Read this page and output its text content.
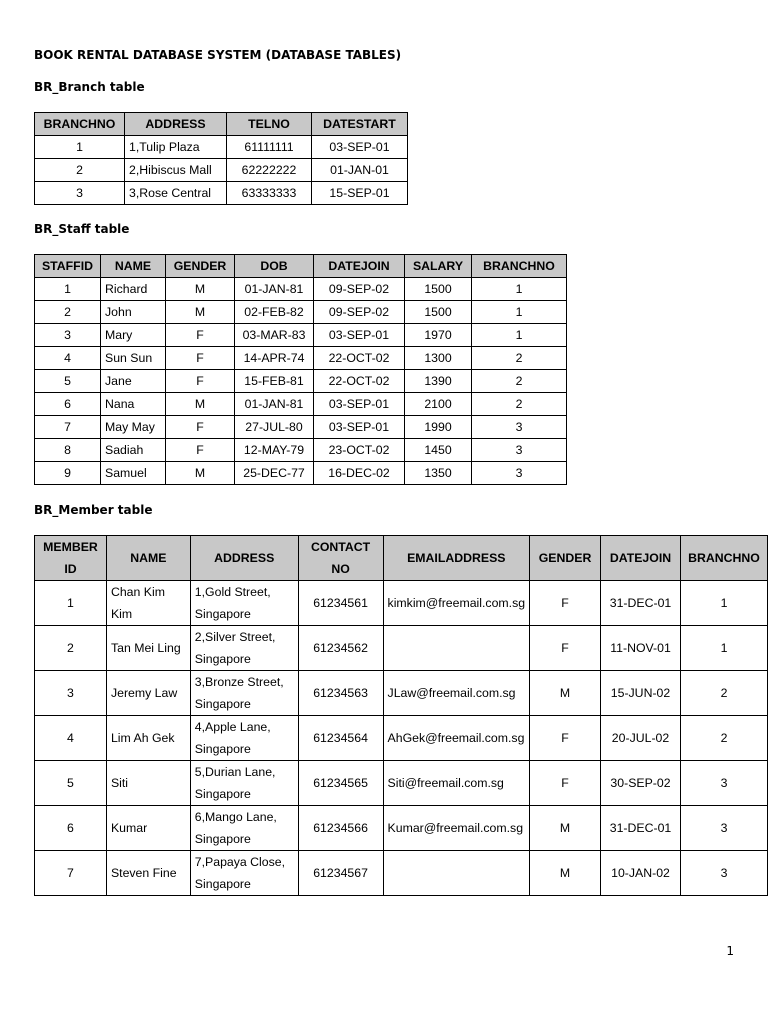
BOOK RENTAL DATABASE SYSTEM (DATABASE TABLES)

BR_Branch table

BRANCHNO	ADDRESS	TELNO	DATESTART
1	1,Tulip Plaza	61111111	03-SEP-01
2	2,Hibiscus Mall	62222222	01-JAN-01
3	3,Rose Central	63333333	15-SEP-01

BR_Staff table

STAFFID	NAME	GENDER	DOB	DATEJOIN	SALARY	BRANCHNO
1	Richard	M	01-JAN-81	09-SEP-02	1500	1
2	John	M	02-FEB-82	09-SEP-02	1500	1
3	Mary	F	03-MAR-83	03-SEP-01	1970	1
4	Sun Sun	F	14-APR-74	22-OCT-02	1300	2
5	Jane	F	15-FEB-81	22-OCT-02	1390	2
6	Nana	M	01-JAN-81	03-SEP-01	2100	2
7	May May	F	27-JUL-80	03-SEP-01	1990	3
8	Sadiah	F	12-MAY-79	23-OCT-02	1450	3
9	Samuel	M	25-DEC-77	16-DEC-02	1350	3

BR_Member table

MEMBER ID	NAME	ADDRESS	CONTACT NO	EMAILADDRESS	GENDER	DATEJOIN	BRANCHNO
1	Chan Kim Kim	1,Gold Street, Singapore	61234561	kimkim@freemail.com.sg	F	31-DEC-01	1
2	Tan Mei Ling	2,Silver Street, Singapore	61234562		F	11-NOV-01	1
3	Jeremy Law	3,Bronze Street, Singapore	61234563	JLaw@freemail.com.sg	M	15-JUN-02	2
4	Lim Ah Gek	4,Apple Lane, Singapore	61234564	AhGek@freemail.com.sg	F	20-JUL-02	2
5	Siti	5,Durian Lane, Singapore	61234565	Siti@freemail.com.sg	F	30-SEP-02	3
6	Kumar	6,Mango Lane, Singapore	61234566	Kumar@freemail.com.sg	M	31-DEC-01	3
7	Steven Fine	7,Papaya Close, Singapore	61234567		M	10-JAN-02	3

1
